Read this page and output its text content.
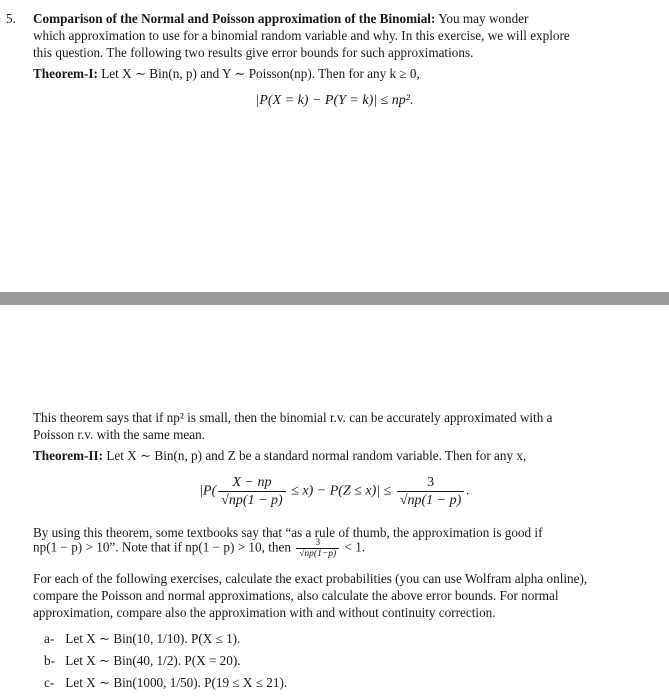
5. Comparison of the Normal and Poisson approximation of the Binomial: You may wonder
which approximation to use for a binomial random variable and why. In this exercise, we will explore
this question. The following two results give error bounds for such approximations.
Theorem-I: Let X ∼ Bin(n, p) and Y ∼ Poisson(np). Then for any k ≥ 0,
|P(X = k) − P(Y = k)| ≤ np².
This theorem says that if np² is small, then the binomial r.v. can be accurately approximated with a
Poisson r.v. with the same mean.
Theorem-II: Let X ∼ Bin(n, p) and Z be a standard normal random variable. Then for any x,
$|P( \frac{X - np}{√np(1 - p)} \le x) - P(Z \le x)| \le \frac{3}{√np(1 - p)}$ .
By using this theorem, some textbooks say that “as a rule of thumb, the approximation is good if
np(1 − p) > 10”. Note that if np(1 − p) > 10, then $\frac{3}{√np(1-p)} < 1$.
For each of the following exercises, calculate the exact probabilities (you can use Wolfram alpha online),
compare the Poisson and normal approximations, also calculate the above error bounds. For normal
approximation, compare also the approximation with and without continuity correction.
a- Let X ∼ Bin(10, 1/10). P(X ≤ 1).
b- Let X ∼ Bin(40, 1/2). P(X = 20).
c- Let X ∼ Bin(1000, 1/50). P(19 ≤ X ≤ 21).
